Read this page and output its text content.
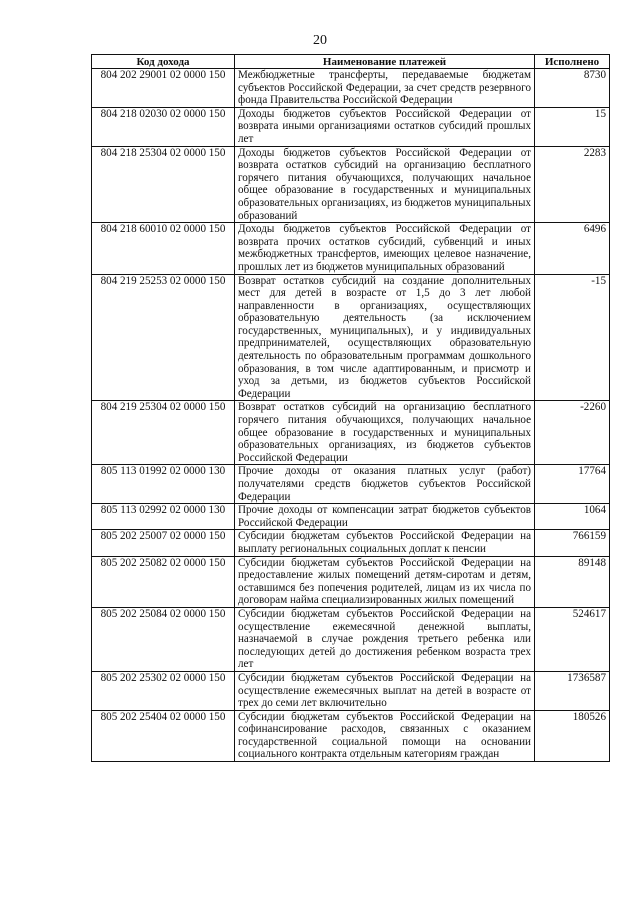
20
Код дохода	Наименование платежей	Исполнено
804 202 29001 02 0000 150	Межбюджетные трансферты, передаваемые бюджетам субъектов Российской Федерации, за счет средств резервного фонда Правительства Российской Федерации	8730
804 218 02030 02 0000 150	Доходы бюджетов субъектов Российской Федерации от возврата иными организациями остатков субсидий прошлых лет	15
804 218 25304 02 0000 150	Доходы бюджетов субъектов Российской Федерации от возврата остатков субсидий на организацию бесплатного горячего питания обучающихся, получающих начальное общее образование в государственных и муниципальных образовательных организациях, из бюджетов муниципальных образований	2283
804 218 60010 02 0000 150	Доходы бюджетов субъектов Российской Федерации от возврата прочих остатков субсидий, субвенций и иных межбюджетных трансфертов, имеющих целевое назначение, прошлых лет из бюджетов муниципальных образований	6496
804 219 25253 02 0000 150	Возврат остатков субсидий на создание дополнительных мест для детей в возрасте от 1,5 до 3 лет любой направленности в организациях, осуществляющих образовательную деятельность (за исключением государственных, муниципальных), и у индивидуальных предпринимателей, осуществляющих образовательную деятельность по образовательным программам дошкольного образования, в том числе адаптированным, и присмотр и уход за детьми, из бюджетов субъектов Российской Федерации	-15
804 219 25304 02 0000 150	Возврат остатков субсидий на организацию бесплатного горячего питания обучающихся, получающих начальное общее образование в государственных и муниципальных образовательных организациях, из бюджетов субъектов Российской Федерации	-2260
805 113 01992 02 0000 130	Прочие доходы от оказания платных услуг (работ) получателями средств бюджетов субъектов Российской Федерации	17764
805 113 02992 02 0000 130	Прочие доходы от компенсации затрат бюджетов субъектов Российской Федерации	1064
805 202 25007 02 0000 150	Субсидии бюджетам субъектов Российской Федерации на выплату региональных социальных доплат к пенсии	766159
805 202 25082 02 0000 150	Субсидии бюджетам субъектов Российской Федерации на предоставление жилых помещений детям-сиротам и детям, оставшимся без попечения родителей, лицам из их числа по договорам найма специализированных жилых помещений	89148
805 202 25084 02 0000 150	Субсидии бюджетам субъектов Российской Федерации на осуществление ежемесячной денежной выплаты, назначаемой в случае рождения третьего ребенка или последующих детей до достижения ребенком возраста трех лет	524617
805 202 25302 02 0000 150	Субсидии бюджетам субъектов Российской Федерации на осуществление ежемесячных выплат на детей в возрасте от трех до семи лет включительно	1736587
805 202 25404 02 0000 150	Субсидии бюджетам субъектов Российской Федерации на софинансирование расходов, связанных с оказанием государственной социальной помощи на основании социального контракта отдельным категориям граждан	180526
